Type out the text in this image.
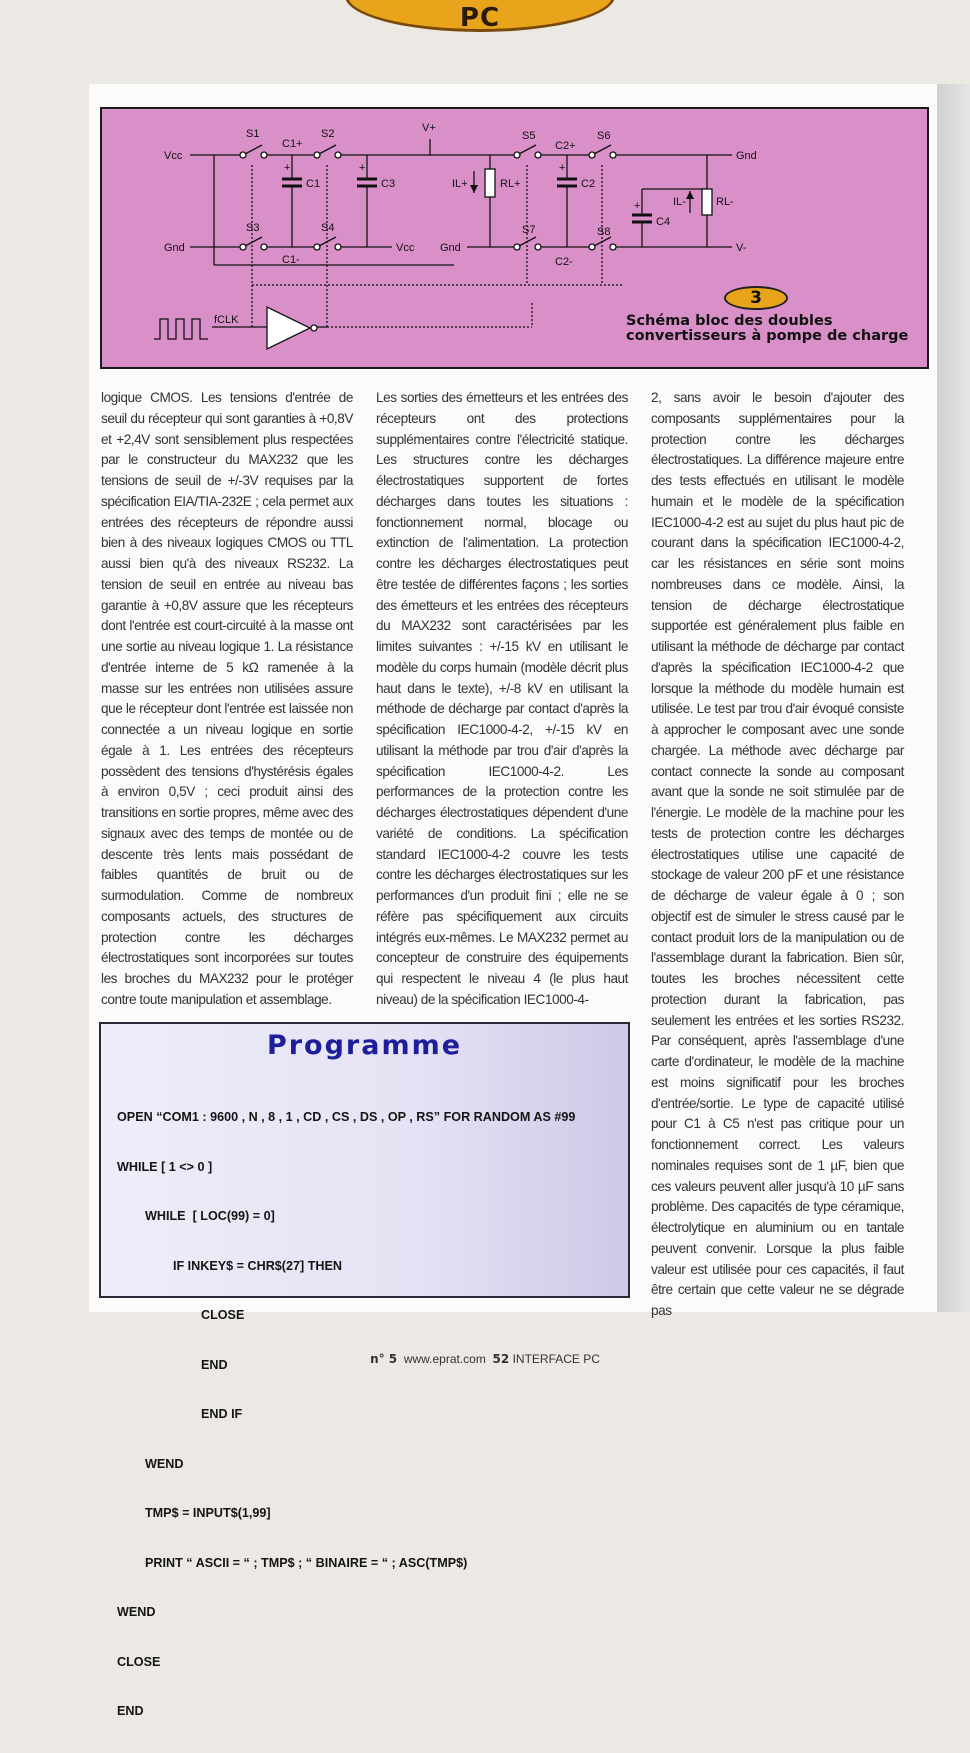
PC
Vcc
Gnd
S1	S2
S3	S4
C1+
C1-
C1	C3
V+
IL+	RL+
Vcc Gnd
S5	S6
S7	S8
C2+
C2-
C2
C4
Gnd
V-
IL-	RL-
fCLK
+	+	+
+
3
Schéma bloc des doubles convertisseurs à pompe de charge
logique CMOS. Les tensions d'entrée de seuil du récepteur qui sont garanties à +0,8V et +2,4V sont sensiblement plus respectées par le constructeur du MAX232 que les tensions de seuil de +/-3V requises par la spécification EIA/TIA-232E ; cela permet aux entrées des récepteurs de répondre aussi bien à des niveaux logiques CMOS ou TTL aussi bien qu'à des niveaux RS232. La tension de seuil en entrée au niveau bas garantie à +0,8V assure que les récepteurs dont l'entrée est court-circuité à la masse ont une sortie au niveau logique 1. La résistance d'entrée interne de 5 kΩ ramenée à la masse sur les entrées non utilisées assure que le récepteur dont l'entrée est laissée non connectée a un niveau logique en sortie égale à 1. Les entrées des récepteurs possèdent des tensions d'hystérésis égales à environ 0,5V ; ceci produit ainsi des transitions en sortie propres, même avec des signaux avec des temps de montée ou de descente très lents mais possédant de faibles quantités de bruit ou de surmodulation. Comme de nombreux composants actuels, des structures de protection contre les décharges électrostatiques sont incorporées sur toutes les broches du MAX232 pour le protéger contre toute manipulation et assemblage.
Les sorties des émetteurs et les entrées des récepteurs ont des protections supplémentaires contre l'électricité statique. Les structures contre les décharges électrostatiques supportent de fortes décharges dans toutes les situations : fonctionnement normal, blocage ou extinction de l'alimentation. La protection contre les décharges électrostatiques peut être testée de différentes façons ; les sorties des émetteurs et les entrées des récepteurs du MAX232 sont caractérisées par les limites suivantes : +/-15 kV en utilisant le modèle du corps humain (modèle décrit plus haut dans le texte), +/-8 kV en utilisant la méthode de décharge par contact d'après la spécification IEC1000-4-2, +/-15 kV en utilisant la méthode par trou d'air d'après la spécification IEC1000-4-2. Les performances de la protection contre les décharges électrostatiques dépendent d'une variété de conditions. La spécification standard IEC1000-4-2 couvre les tests contre les décharges électrostatiques sur les performances d'un produit fini ; elle ne se réfère pas spécifiquement aux circuits intégrés eux-mêmes. Le MAX232 permet au concepteur de construire des équipements qui respectent le niveau 4 (le plus haut niveau) de la spécification IEC1000-4-
2, sans avoir le besoin d'ajouter des composants supplémentaires pour la protection contre les décharges électrostatiques. La différence majeure entre des tests effectués en utilisant le modèle humain et le modèle de la spécification IEC1000-4-2 est au sujet du plus haut pic de courant dans la spécification IEC1000-4-2, car les résistances en série sont moins nombreuses dans ce modèle. Ainsi, la tension de décharge électrostatique supportée est généralement plus faible en utilisant la méthode de décharge par contact d'après la spécification IEC1000-4-2 que lorsque la méthode du modèle humain est utilisée. Le test par trou d'air évoqué consiste à approcher le composant avec une sonde chargée. La méthode avec décharge par contact connecte la sonde au composant avant que la sonde ne soit stimulée par de l'énergie. Le modèle de la machine pour les tests de protection contre les décharges électrostatiques utilise une capacité de stockage de valeur 200 pF et une résistance de décharge de valeur égale à 0 ; son objectif est de simuler le stress causé par le contact produit lors de la manipulation ou de l'assemblage durant la fabrication. Bien sûr, toutes les broches nécessitent cette protection durant la fabrication, pas seulement les entrées et les sorties RS232. Par conséquent, après l'assemblage d'une carte d'ordinateur, le modèle de la machine est moins significatif pour les broches d'entrée/sortie. Le type de capacité utilisé pour C1 à C5 n'est pas critique pour un fonctionnement correct. Les valeurs nominales requises sont de 1 µF, bien que ces valeurs peuvent aller jusqu'à 10 µF sans problème. Des capacités de type céramique, électrolytique en aluminium ou en tantale peuvent convenir. Lorsque la plus faible valeur est utilisée pour ces capacités, il faut être certain que cette valeur ne se dégrade pas
Programme

OPEN “COM1 : 9600 , N , 8 , 1 , CD , CS , DS , OP , RS” FOR RANDOM AS #99

WHILE [ 1 <> 0 ]

WHILE  [ LOC(99) = 0]

IF INKEY$ = CHR$(27] THEN

CLOSE

END

END IF

WEND

TMP$ = INPUT$(1,99]

PRINT “ ASCII = “ ; TMP$ ; “ BINAIRE = “ ; ASC(TMP$)

WEND

CLOSE

END

n° 5 www.eprat.com 52 INTERFACE PC
